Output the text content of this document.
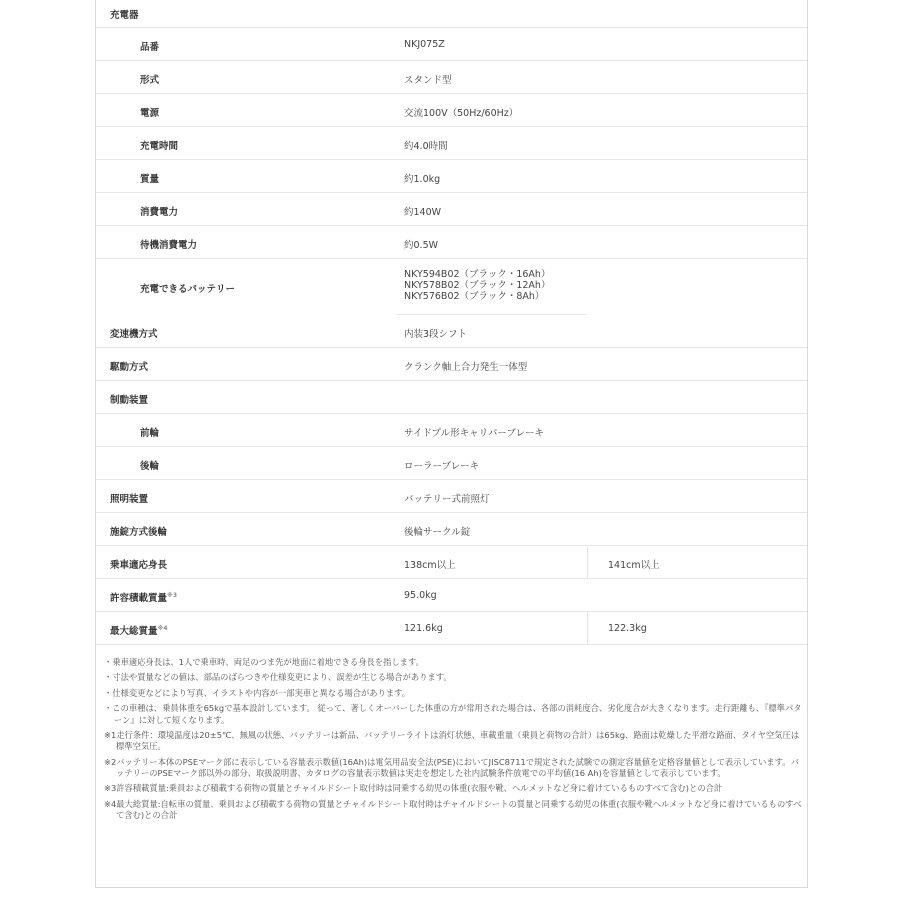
充電器
品番	NKJ075Z
形式	スタンド型
電源	交流100V（50Hz/60Hz）
充電時間	約4.0時間
質量	約1.0kg
消費電力	約140W
待機消費電力	約0.5W
充電できるバッテリー
NKY594B02（ブラック・16Ah）
NKY578B02（ブラック・12Ah）
NKY576B02（ブラック・8Ah）
変速機方式	内装3段シフト
駆動方式	クランク軸上合力発生一体型
制動装置
前輪	サイドプル形キャリパーブレーキ
後輪	ローラーブレーキ
照明装置	バッテリー式前照灯
施錠方式後輪	後輪サークル錠
乗車適応身長	138cm以上	141cm以上
許容積載質量$^{※3}$	95.0kg
最大総質量$^{※4}$	121.6kg	122.3kg

・乗車適応身長は、1人で乗車時、両足のつま先が地面に着地できる身長を指します。

・寸法や質量などの値は、部品のばらつきや仕様変更により、誤差が生じる場合があります。

・仕様変更などにより写真、イラストや内容が一部実車と異なる場合があります。

・この車種は、乗員体重を65kgで基本設計しています。 従って、著しくオーバーした体重の方が常用された場合は、各部の消耗度合、劣化度合が大きくなります。走行距離も、『標準パターン』に対して短くなります。

※1走行条件：環境温度は20±5℃、無風の状態、バッテリーは新品、バッテリーライトは消灯状態、車載重量（乗員と荷物の合計）は65kg、路面は乾燥した平滑な路面、タイヤ空気圧は標準空気圧。

※2バッテリー本体のPSEマーク部に表示している容量表示数値(16Ah)は電気用品安全法(PSE)においてJISC8711で規定された試験での測定容量値を定格容量値として表示しています。バッテリーのPSEマーク部以外の部分、取扱説明書、カタログの容量表示数値は実走を想定した社内試験条件放電での平均値(16 Ah)を容量値として表示しています。

※3許容積載質量:乗員および積載する荷物の質量とチャイルドシート取付時は同乗する幼児の体重(衣服や靴、ヘルメットなど身に着けているものすべて含む)との合計

※4最大総質量:自転車の質量、乗員および積載する荷物の質量とチャイルドシート取付時はチャイルドシートの質量と同乗する幼児の体重(衣服や靴ヘルメットなど身に着けているものすべて含む)との合計
